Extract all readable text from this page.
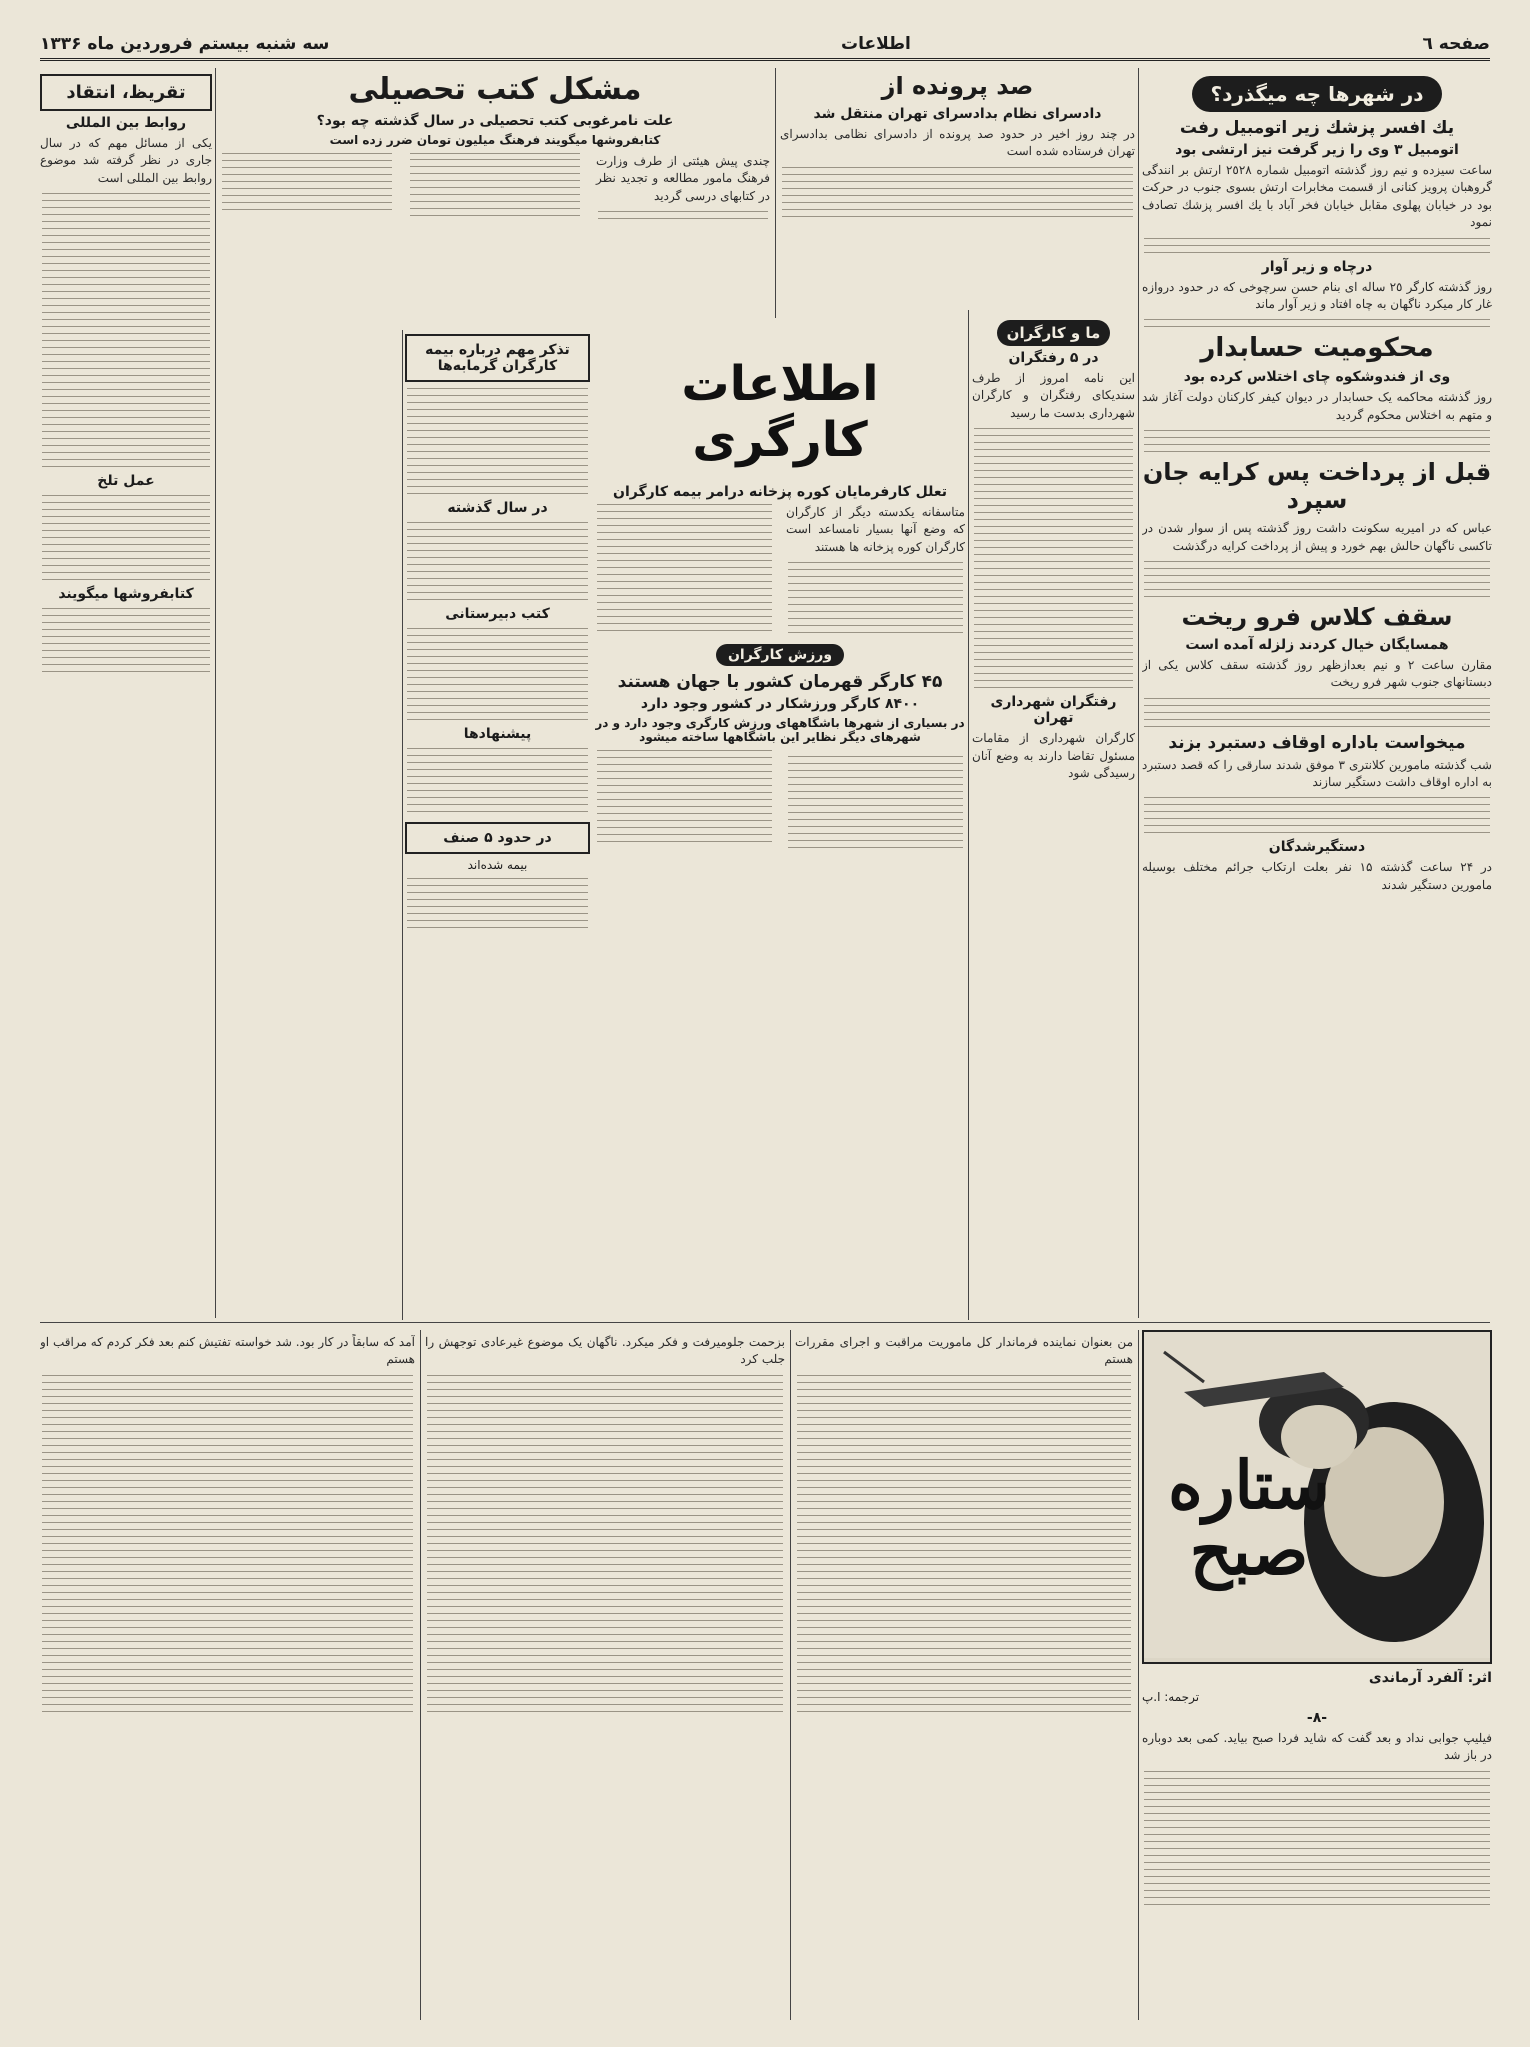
صفحه ٦
اطلاعات
سه شنبه بیستم فروردین ماه ۱۳۳۶
در شهرها چه میگذرد؟
یك افسر پزشك زیر اتومبیل رفت
اتومبیل ٣ وی را زیر گرفت نیز ارتشی بود

ساعت سیزده و نیم روز گذشته اتومبیل شماره ٢٥٢٨ ارتش بر انندگی گروهبان پرویز کنانی از قسمت مخابرات ارتش بسوی جنوب در حرکت بود در خیابان پهلوی مقابل خیابان فخر آباد با یك افسر پزشك تصادف نمود

درچاه و زیر آوار

روز گذشته کارگر ٢٥ ساله ای بنام حسن سرچوخی که در حدود دروازه غار کار میکرد ناگهان به چاه افتاد و زیر آوار ماند

محکومیت حسابدار
وی از فندوشکوه چای اختلاس کرده بود

روز گذشته محاکمه یک حسابدار در دیوان کیفر کارکنان دولت آغاز شد و متهم به اختلاس محکوم گردید

قبل از پرداخت پس کرایه جان سپرد

عباس که در امیریه سکونت داشت روز گذشته پس از سوار شدن در تاکسی ناگهان حالش بهم خورد و پیش از پرداخت کرایه درگذشت

سقف کلاس فرو ریخت
همسایگان خیال کردند زلزله آمده است

مقارن ساعت ۲ و نیم بعدازظهر روز گذشته سقف کلاس یکی از دبستانهای جنوب شهر فرو ریخت

میخواست باداره اوقاف دستبرد بزند

شب گذشته مامورین کلانتری ۳ موفق شدند سارقی را که قصد دستبرد به اداره اوقاف داشت دستگیر سازند

دستگیرشدگان

در ۲۴ ساعت گذشته ۱۵ نفر بعلت ارتکاب جرائم مختلف بوسیله مامورین دستگیر شدند

صد پرونده از
دادسرای نظام بدادسرای تهران منتقل شد

در چند روز اخیر در حدود صد پرونده از دادسرای نظامی بدادسرای تهران فرستاده شده است

ما و کارگران
در ۵ رفتگران

این نامه امروز از طرف سندیکای رفتگران و کارگران شهرداری بدست ما رسید

رفتگران شهرداری تهران

کارگران شهرداری از مقامات مسئول تقاضا دارند به وضع آنان رسیدگی شود

مشکل کتب تحصیلی
علت نامرغوبی کتب تحصیلی در سال گذشته چه بود؟
کتابفروشها میگویند فرهنگ میلیون تومان ضرر زده است

چندی پیش هیئتی از طرف وزارت فرهنگ مامور مطالعه و تجدید نظر در کتابهای درسی گردید

اطلاعات کارگری
تعلل کارفرمایان کوره پزخانه درامر بیمه کارگران

متاسفانه یکدسته دیگر از کارگران که وضع آنها بسیار نامساعد است کارگران کوره پزخانه ها هستند

ورزش کارگران
۴۵ کارگر قهرمان کشور با جهان هستند
۸۴۰۰ کارگر ورزشکار در کشور وجود دارد
در بسیاری از شهرها باشگاههای ورزش کارگری وجود دارد و در شهرهای دیگر نظایر این باشگاهها ساخته میشود
تذکر مهم درباره بیمه کارگران گرمابه‌ها
در سال گذشته
کتب دبیرستانی
پیشنهادها
در حدود ۵ صنف
بیمه شده‌اند
تقریظ، انتقاد
روابط بین المللی

یکی از مسائل مهم که در سال جاری در نظر گرفته شد موضوع روابط بین المللی است

عمل تلخ
کتابفروشها میگویند
ستاره صبح
اثر: آلفرد آرماندی
ترجمه: ا.پ
-٨-

فیلیپ جوابی نداد و بعد گفت که شاید فردا صبح بیاید. کمی بعد دوباره در باز شد

من بعنوان نماینده فرماندار کل ماموریت مراقبت و اجرای مقررات هستم

بزحمت جلومیرفت و فکر میکرد. ناگهان یک موضوع غیرعادی توجهش را جلب کرد

آمد که سابقاً در کار بود. شد خواسته تفتیش کنم بعد فکر کردم که مراقب او هستم
